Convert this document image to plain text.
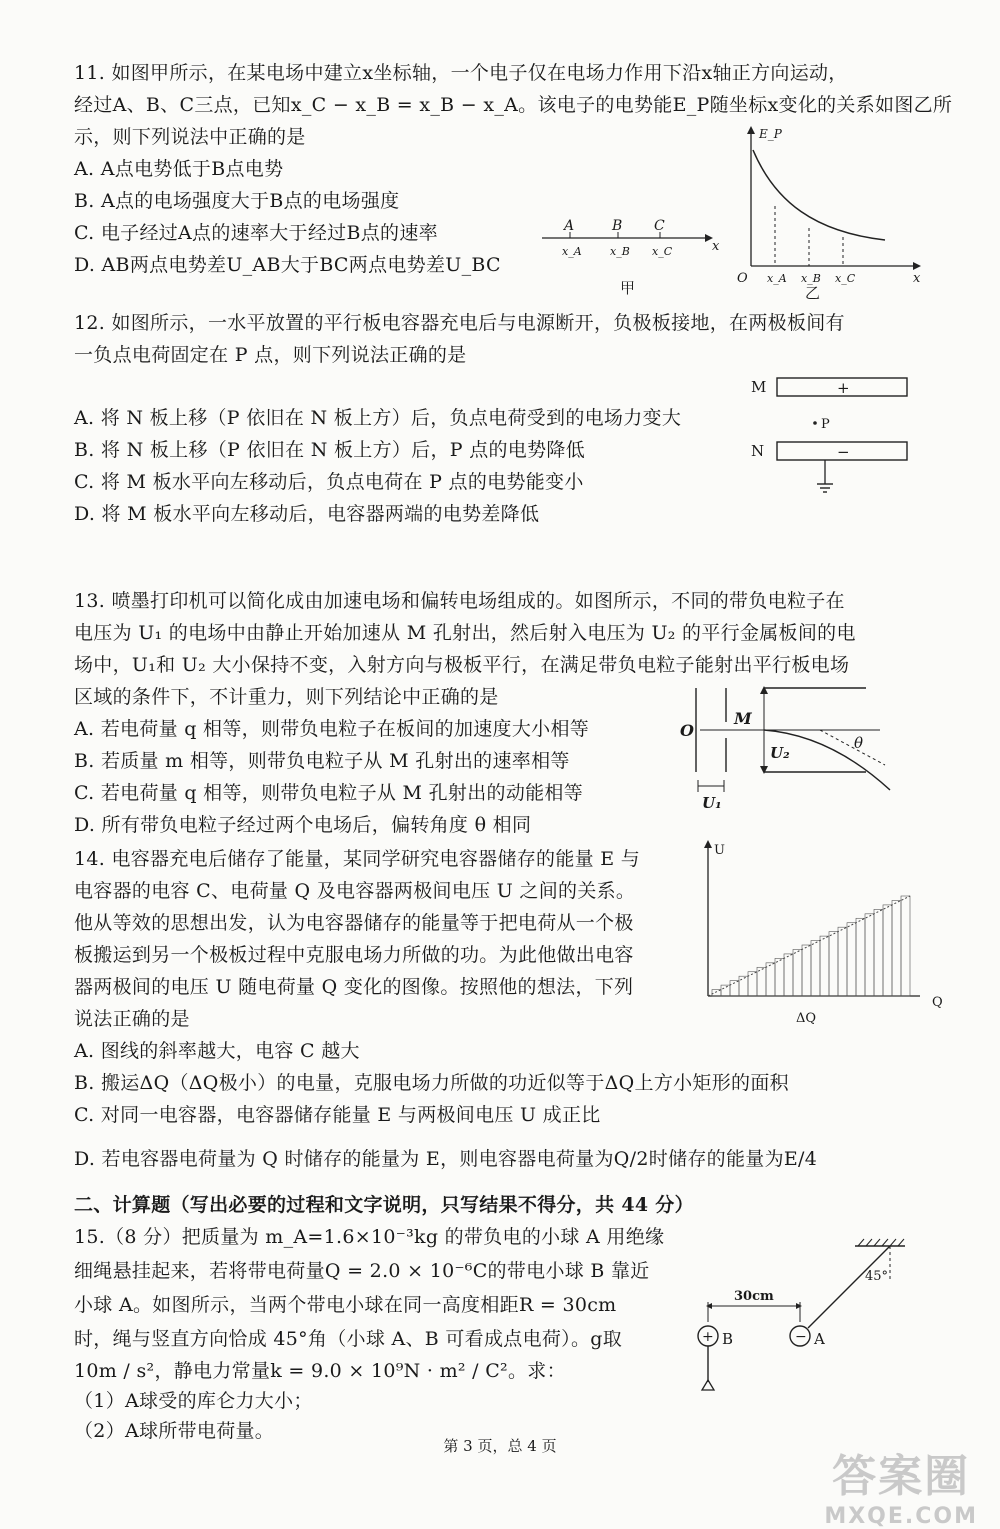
11. 如图甲所示，在某电场中建立x坐标轴，一个电子仅在电场力作用下沿x轴正方向运动，
经过A、B、C三点，已知x_C − x_B = x_B − x_A。该电子的电势能E_P随坐标x变化的关系如图乙所
示，则下列说法中正确的是
A. A点电势低于B点电势
B. A点的电场强度大于B点的电场强度
C. 电子经过A点的速率大于经过B点的速率
D. AB两点电势差U_AB大于BC两点电势差U_BC
A	B C
x_A	x_B x_C	x
甲
E_P
O x_A x_B x_C	x
乙
12. 如图所示，一水平放置的平行板电容器充电后与电源断开，负极板接地，在两极板间有
一负点电荷固定在 P 点，则下列说法正确的是
A. 将 N 板上移（P 依旧在 N 板上方）后，负点电荷受到的电场力变大
B. 将 N 板上移（P 依旧在 N 板上方）后，P 点的电势降低
C. 将 M 板水平向左移动后，负点电荷在 P 点的电势能变小
D. 将 M 板水平向左移动后，电容器两端的电势差降低
M	+
P
N	−
13. 喷墨打印机可以简化成由加速电场和偏转电场组成的。如图所示，不同的带负电粒子在
电压为 U₁ 的电场中由静止开始加速从 M 孔射出，然后射入电压为 U₂ 的平行金属板间的电
场中，U₁和 U₂ 大小保持不变，入射方向与极板平行，在满足带负电粒子能射出平行板电场
区域的条件下，不计重力，则下列结论中正确的是
A. 若电荷量 q 相等，则带负电粒子在板间的加速度大小相等
B. 若质量 m 相等，则带负电粒子从 M 孔射出的速率相等
C. 若电荷量 q 相等，则带负电粒子从 M 孔射出的动能相等
D. 所有带负电粒子经过两个电场后，偏转角度 θ 相同
O
M
U₂
θ
U₁
14. 电容器充电后储存了能量，某同学研究电容器储存的能量 E 与
电容器的电容 C、电荷量 Q 及电容器两极间电压 U 之间的关系。
他从等效的思想出发，认为电容器储存的能量等于把电荷从一个极
板搬运到另一个极板过程中克服电场力所做的功。为此他做出电容
器两极间的电压 U 随电荷量 Q 变化的图像。按照他的想法，下列
说法正确的是
A. 图线的斜率越大，电容 C 越大
B. 搬运ΔQ（ΔQ极小）的电量，克服电场力所做的功近似等于ΔQ上方小矩形的面积
C. 对同一电容器，电容器储存能量 E 与两极间电压 U 成正比
D. 若电容器电荷量为 Q 时储存的能量为 E，则电容器电荷量为Q/2时储存的能量为E/4
U
Q
ΔQ
二、计算题（写出必要的过程和文字说明，只写结果不得分，共 44 分）
15.（8 分）把质量为 m_A=1.6×10⁻³kg 的带负电的小球 A 用绝缘
细绳悬挂起来，若将带电荷量Q = 2.0 × 10⁻⁶C的带电小球 B 靠近
小球 A。如图所示，当两个带电小球在同一高度相距R = 30cm
时，绳与竖直方向恰成 45°角（小球 A、B 可看成点电荷）。g取
10m / s²，静电力常量k = 9.0 × 10⁹N · m² / C²。求：
（1）A球受的库仑力大小；
（2）A球所带电荷量。
45°
− A
+ B
30cm
第 3 页，总 4 页
答案圈
MXQE.COM
